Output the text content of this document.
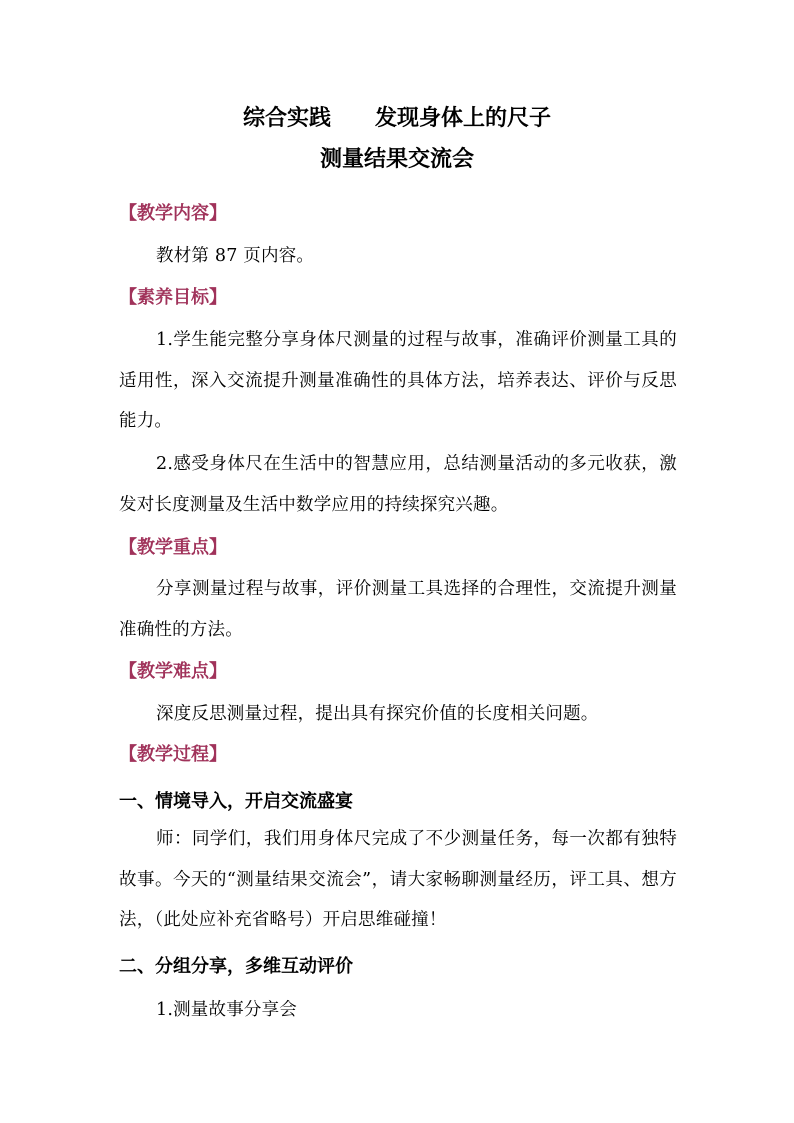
综合实践　　发现身体上的尺子
测量结果交流会
【教学内容】
教材第 87 页内容。
【素养目标】
1.学生能完整分享身体尺测量的过程与故事，准确评价测量工具的适用性，深入交流提升测量准确性的具体方法，培养表达、评价与反思能力。
2.感受身体尺在生活中的智慧应用，总结测量活动的多元收获，激发对长度测量及生活中数学应用的持续探究兴趣。
【教学重点】
分享测量过程与故事，评价测量工具选择的合理性，交流提升测量准确性的方法。
【教学难点】
深度反思测量过程，提出具有探究价值的长度相关问题。
【教学过程】
一、情境导入，开启交流盛宴
师：同学们，我们用身体尺完成了不少测量任务，每一次都有独特故事。今天的“测量结果交流会”，请大家畅聊测量经历，评工具、想方法，（此处应补充省略号）开启思维碰撞！
二、分组分享，多维互动评价
1.测量故事分享会
